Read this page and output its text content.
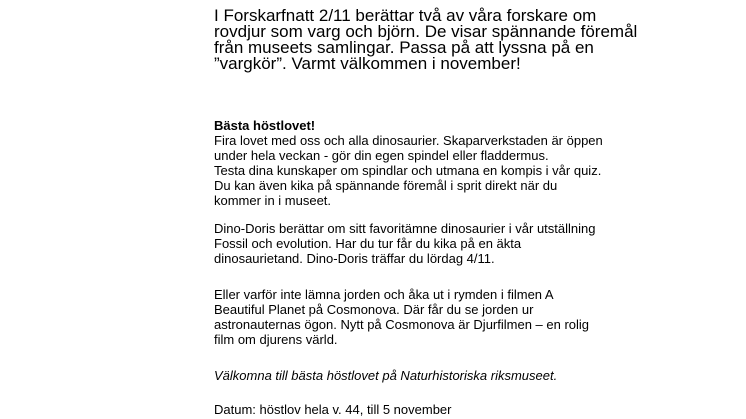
I Forskarfnatt 2/11 berättar två av våra forskare om
rovdjur som varg och björn. De visar spännande föremål
från museets samlingar. Passa på att lyssna på en
”vargkör”. Varmt välkommen i november!

Bästa höstlovet!
Fira lovet med oss och alla dinosaurier. Skaparverkstaden är öppen
under hela veckan - gör din egen spindel eller fladdermus.
Testa dina kunskaper om spindlar och utmana en kompis i vår quiz.
Du kan även kika på spännande föremål i sprit direkt när du
kommer in i museet.
Dino-Doris berättar om sitt favoritämne dinosaurier i vår utställning
Fossil och evolution. Har du tur får du kika på en äkta
dinosaurietand. Dino-Doris träffar du lördag 4/11.
Eller varför inte lämna jorden och åka ut i rymden i filmen A
Beautiful Planet på Cosmonova. Där får du se jorden ur
astronauternas ögon. Nytt på Cosmonova är Djurfilmen – en rolig
film om djurens värld.
Välkomna till bästa höstlovet på Naturhistoriska riksmuseet.
Datum: höstlov hela v. 44, till 5 november
